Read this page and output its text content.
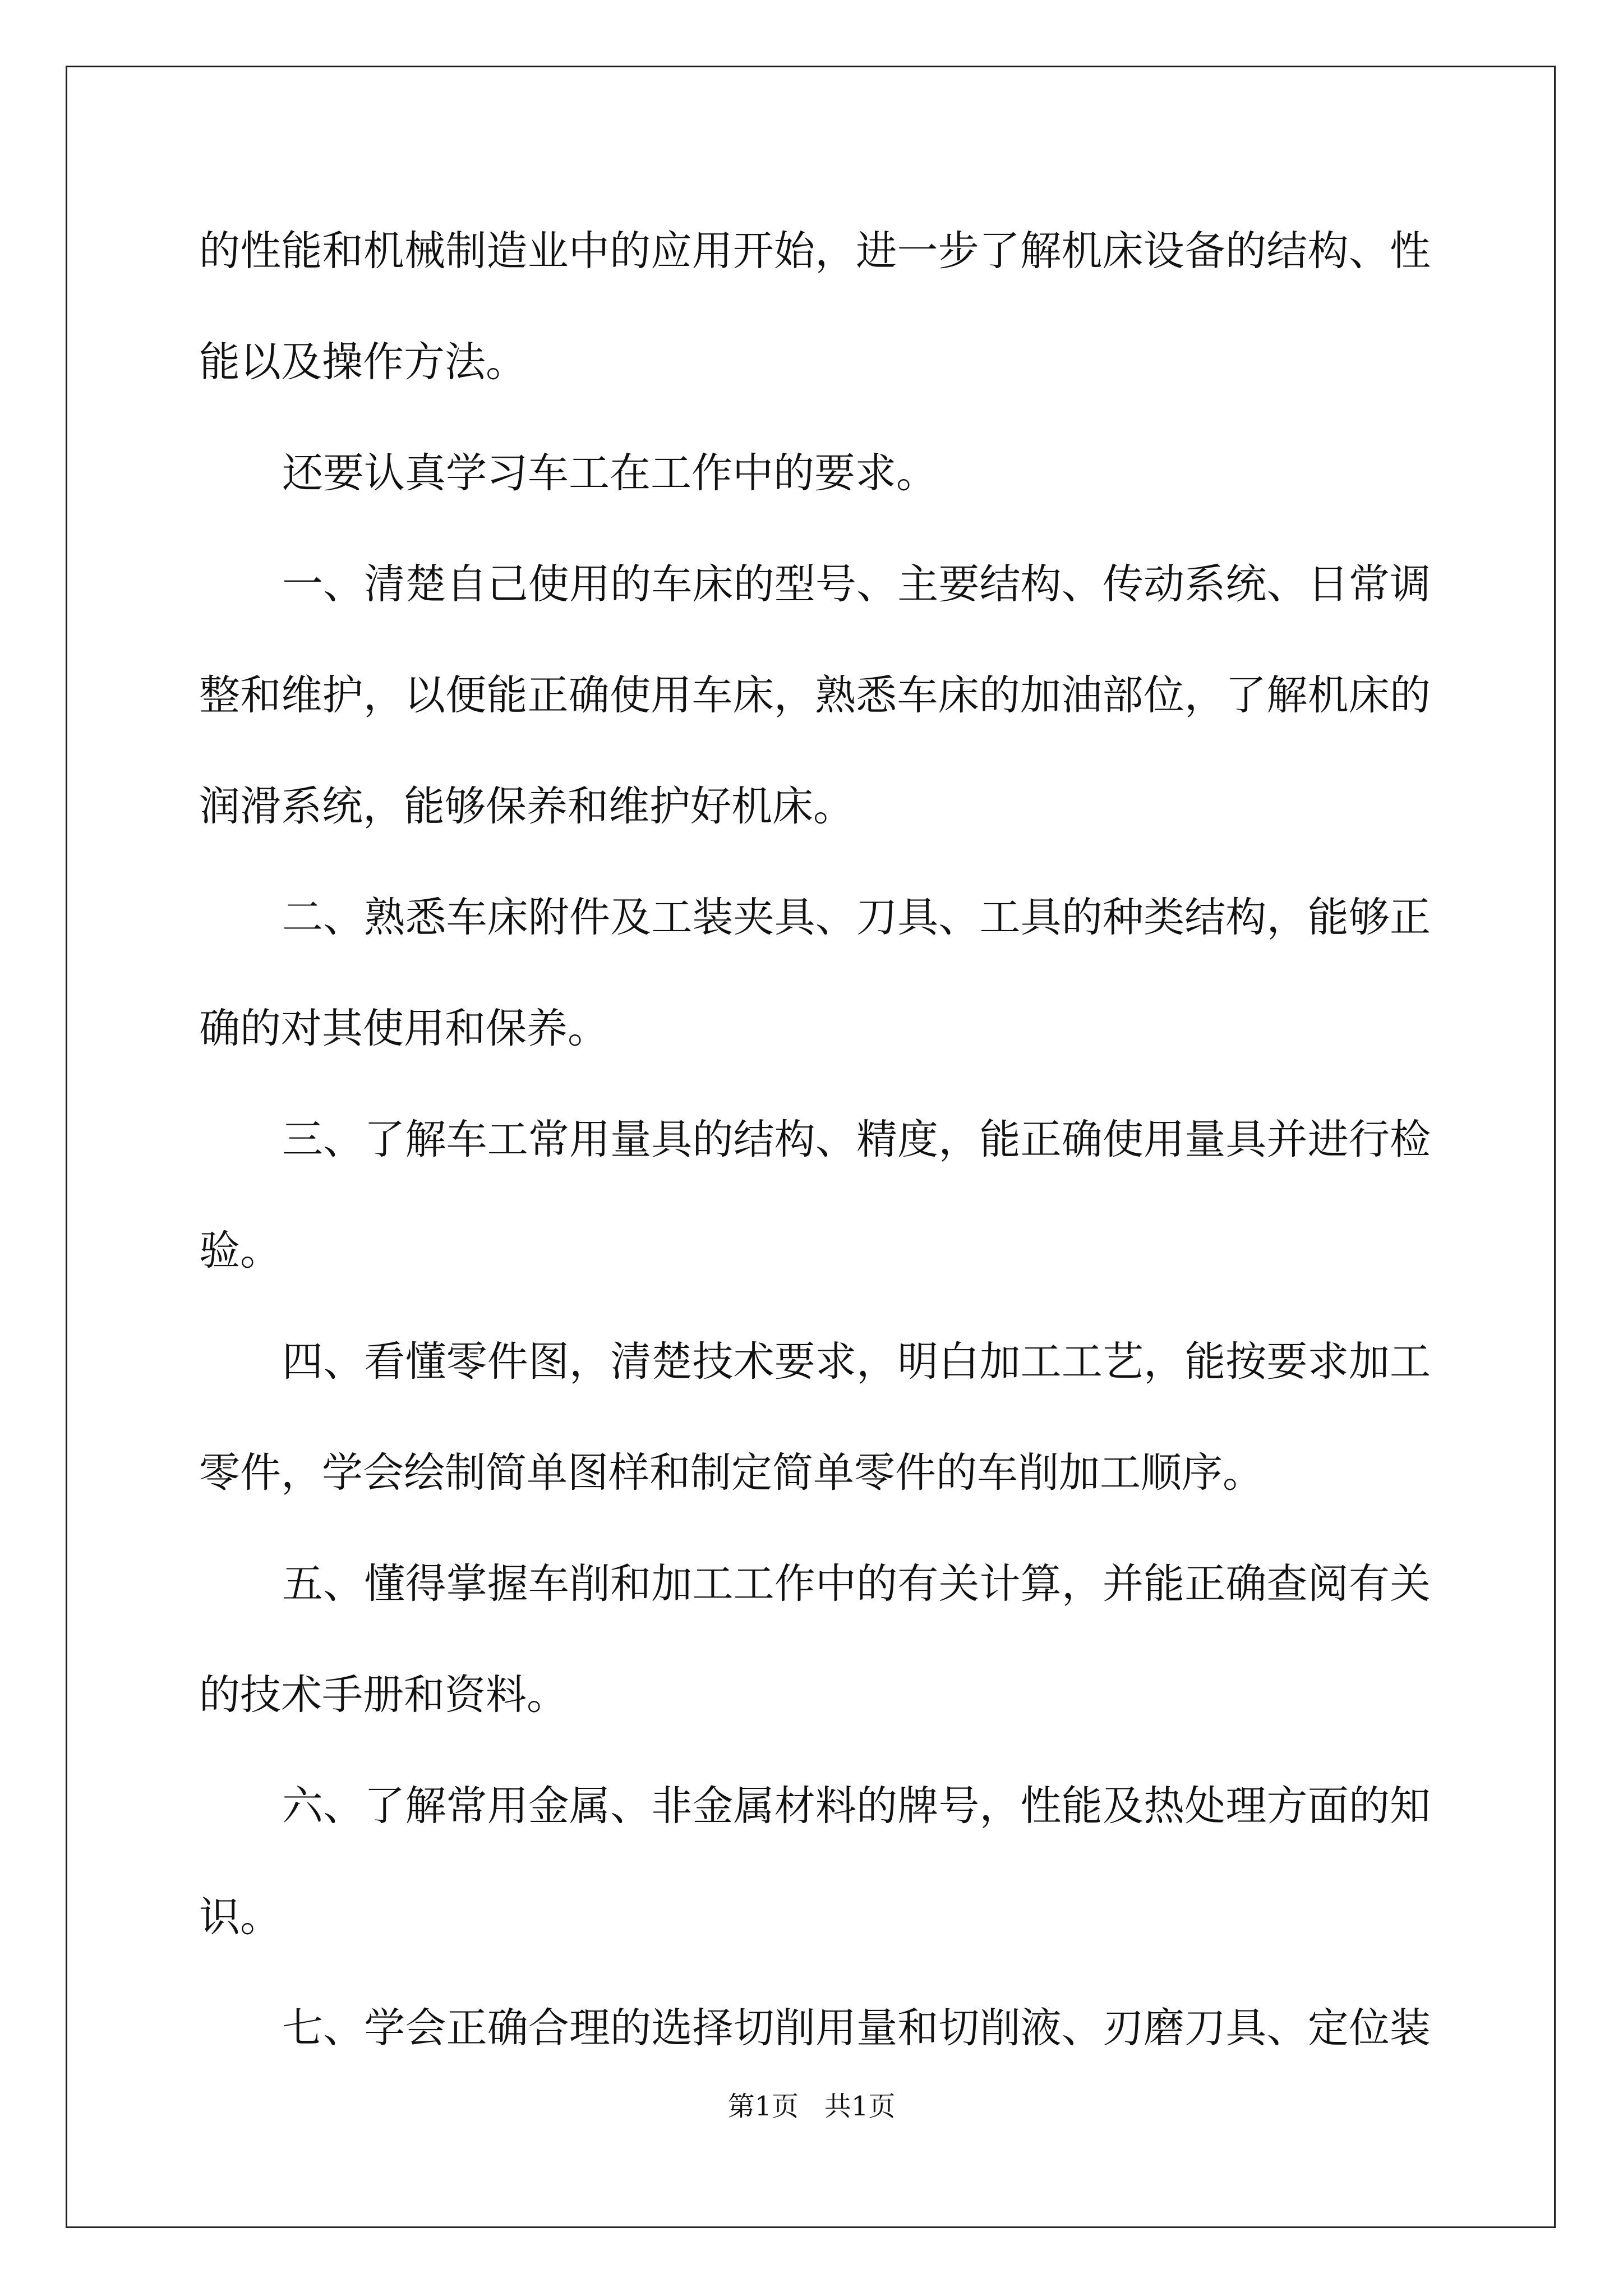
的性能和机械制造业中的应用开始，进一步了解机床设备的结构、性
能以及操作方法。
还要认真学习车工在工作中的要求。
一、清楚自己使用的车床的型号、主要结构、传动系统、日常调
整和维护，以便能正确使用车床，熟悉车床的加油部位，了解机床的
润滑系统，能够保养和维护好机床。
二、熟悉车床附件及工装夹具、刀具、工具的种类结构，能够正
确的对其使用和保养。
三、了解车工常用量具的结构、精度，能正确使用量具并进行检
验。
四、看懂零件图，清楚技术要求，明白加工工艺，能按要求加工
零件，学会绘制简单图样和制定简单零件的车削加工顺序。
五、懂得掌握车削和加工工作中的有关计算，并能正确查阅有关
的技术手册和资料。
六、了解常用金属、非金属材料的牌号，性能及热处理方面的知
识。
七、学会正确合理的选择切削用量和切削液、刃磨刀具、定位装
第1页 共1页
